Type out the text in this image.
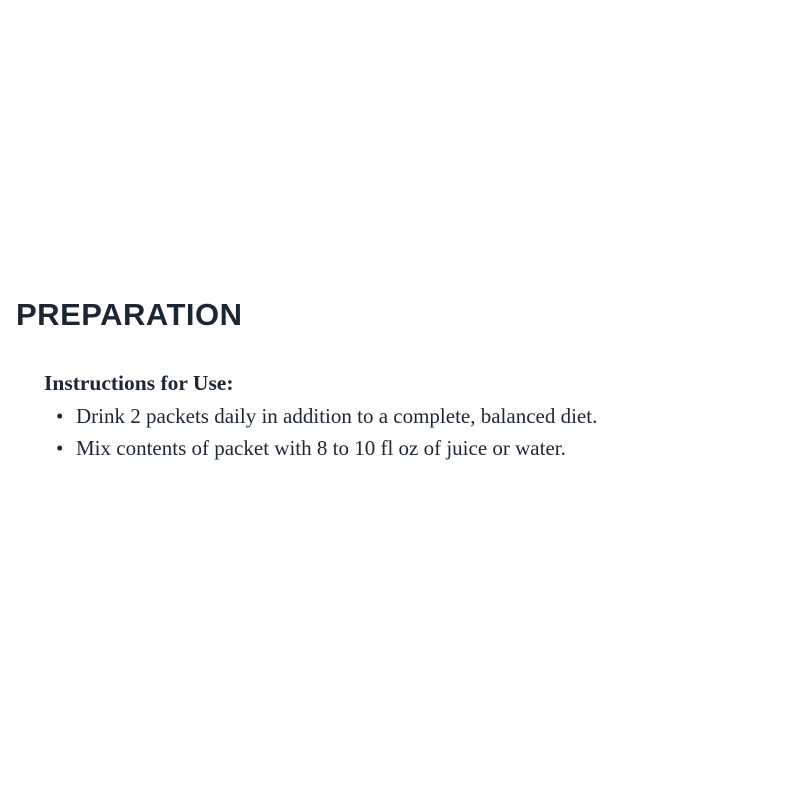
PREPARATION

Instructions for Use:

• Drink 2 packets daily in addition to a complete, balanced diet.
• Mix contents of packet with 8 to 10 fl oz of juice or water.
